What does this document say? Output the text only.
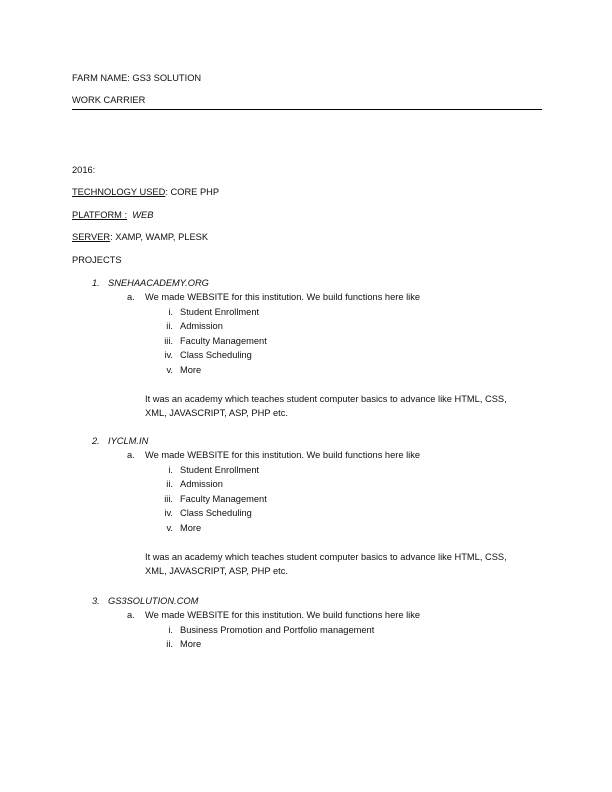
FARM NAME: GS3 SOLUTION
WORK CARRIER
2016:
TECHNOLOGY USED: CORE PHP
PLATFORM : WEB
SERVER: XAMP, WAMP, PLESK
PROJECTS
1. SNEHAACADEMY.ORG
a. We made WEBSITE for this institution. We build functions here like
i. Student Enrollment
ii. Admission
iii. Faculty Management
iv. Class Scheduling
v. More
It was an academy which teaches student computer basics to advance like HTML, CSS,
XML, JAVASCRIPT, ASP, PHP etc.
2. IYCLM.IN
a. We made WEBSITE for this institution. We build functions here like
i. Student Enrollment
ii. Admission
iii. Faculty Management
iv. Class Scheduling
v. More
It was an academy which teaches student computer basics to advance like HTML, CSS,
XML, JAVASCRIPT, ASP, PHP etc.
3. GS3SOLUTION.COM
a. We made WEBSITE for this institution. We build functions here like
i. Business Promotion and Portfolio management
ii. More
